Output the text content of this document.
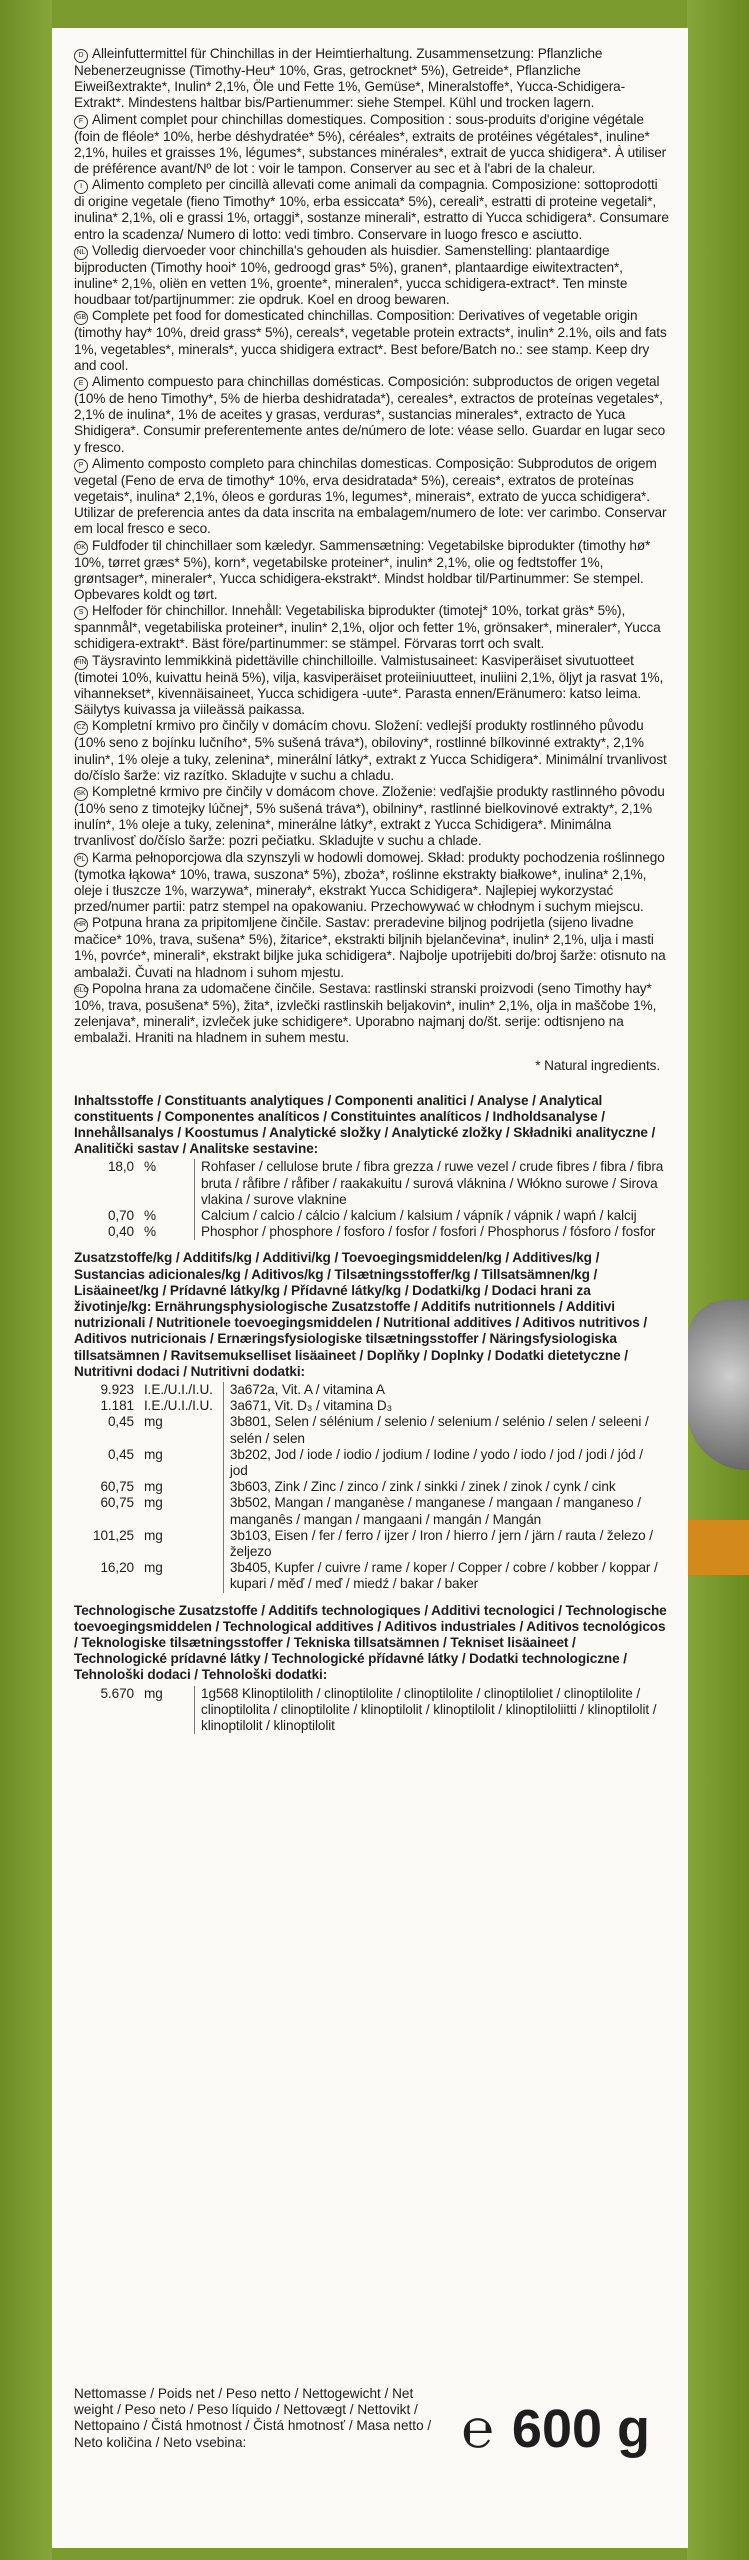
D Alleinfuttermittel für Chinchillas in der Heimtierhaltung. Zusammensetzung: Pflanzliche Nebenerzeugnisse (Timothy-Heu* 10%, Gras, getrocknet* 5%), Getreide*, Pflanzliche Eiweißextrakte*, Inulin* 2,1%, Öle und Fette 1%, Gemüse*, Mineralstoffe*, Yucca-Schidigera-Extrakt*. Mindestens haltbar bis/Partienummer: siehe Stempel. Kühl und trocken lagern.
F Aliment complet pour chinchillas domestiques. Composition : sous-produits d'origine végétale (foin de fléole* 10%, herbe déshydratée* 5%), céréales*, extraits de protéines végétales*, inuline* 2,1%, huiles et graisses 1%, légumes*, substances minérales*, extrait de yucca shidigera*. À utiliser de préférence avant/Nº de lot : voir le tampon. Conserver au sec et à l'abri de la chaleur.
I Alimento completo per cincillà allevati come animali da compagnia. Composizione: sottoprodotti di origine vegetale (fieno Timothy* 10%, erba essiccata* 5%), cereali*, estratti di proteine vegetali*, inulina* 2,1%, oli e grassi 1%, ortaggi*, sostanze minerali*, estratto di Yucca schidigera*. Consumare entro la scadenza/ Numero di lotto: vedi timbro. Conservare in luogo fresco e asciutto.
NL Volledig diervoeder voor chinchilla's gehouden als huisdier. Samenstelling: plantaardige bijproducten (Timothy hooi* 10%, gedroogd gras* 5%), granen*, plantaardige eiwitextracten*, inuline* 2,1%, oliën en vetten 1%, groente*, mineralen*, yucca schidigera-extract*. Ten minste houdbaar tot/partijnummer: zie opdruk. Koel en droog bewaren.
GB Complete pet food for domesticated chinchillas. Composition: Derivatives of vegetable origin (timothy hay* 10%, dreid grass* 5%), cereals*, vegetable protein extracts*, inulin* 2.1%, oils and fats 1%, vegetables*, minerals*, yucca shidigera extract*. Best before/Batch no.: see stamp. Keep dry and cool.
E Alimento compuesto para chinchillas domésticas. Composición: subproductos de origen vegetal (10% de heno Timothy*, 5% de hierba deshidratada*), cereales*, extractos de proteínas vegetales*, 2,1% de inulina*, 1% de aceites y grasas, verduras*, sustancias minerales*, extracto de Yuca Shidigera*. Consumir preferentemente antes de/número de lote: véase sello. Guardar en lugar seco y fresco.
P Alimento composto completo para chinchilas domesticas. Composição: Subprodutos de origem vegetal (Feno de erva de timothy* 10%, erva desidratada* 5%), cereais*, extratos de proteínas vegetais*, inulina* 2,1%, óleos e gorduras 1%, legumes*, minerais*, extrato de yucca schidigera*. Utilizar de preferencia antes da data inscrita na embalagem/numero de lote: ver carimbo. Conservar em local fresco e seco.
DK Fuldfoder til chinchillaer som kæledyr. Sammensætning: Vegetabilske biprodukter (timothy hø* 10%, tørret græs* 5%), korn*, vegetabilske proteiner*, inulin* 2,1%, olie og fedtstoffer 1%, grøntsager*, mineraler*, Yucca schidigera-ekstrakt*. Mindst holdbar til/Partinummer: Se stempel. Opbevares koldt og tørt.
S Helfoder för chinchillor. Innehåll: Vegetabiliska biprodukter (timotej* 10%, torkat gräs* 5%), spannmål*, vegetabiliska proteiner*, inulin* 2,1%, oljor och fetter 1%, grönsaker*, mineraler*, Yucca schidigera-extrakt*. Bäst före/partinummer: se stämpel. Förvaras torrt och svalt.
FIN Täysravinto lemmikkinä pidettäville chinchilloille. Valmistusaineet: Kasviperäiset sivutuotteet (timotei 10%, kuivattu heinä 5%), vilja, kasviperäiset proteiiniuutteet, inuliini 2,1%, öljyt ja rasvat 1%, vihannekset*, kivennäisaineet, Yucca schidigera -uute*. Parasta ennen/Eränumero: katso leima. Säilytys kuivassa ja viileässä paikassa.
CZ Kompletní krmivo pro činčily v domácím chovu. Složení: vedlejší produkty rostlinného původu (10% seno z bojínku lučního*, 5% sušená tráva*), obiloviny*, rostlinné bílkovinné extrakty*, 2,1% inulin*, 1% oleje a tuky, zelenina*, minerální látky*, extrakt z Yucca Schidigera*. Minimální trvanlivost do/číslo šarže: viz razítko. Skladujte v suchu a chladu.
SK Kompletné krmivo pre činčily v domácom chove. Zloženie: vedľajšie produkty rastlinného pôvodu (10% seno z timotejky lúčnej*, 5% sušená tráva*), obilniny*, rastlinné bielkovinové extrakty*, 2,1% inulín*, 1% oleje a tuky, zelenina*, minerálne látky*, extrakt z Yucca Schidigera*. Minimálna trvanlivosť do/číslo šarže: pozri pečiatku. Skladujte v suchu a chlade.
PL Karma pełnoporcjowa dla szynszyli w hodowli domowej. Skład: produkty pochodzenia roślinnego (tymotka łąkowa* 10%, trawa, suszona* 5%), zboża*, roślinne ekstrakty białkowe*, inulina* 2,1%, oleje i tłuszcze 1%, warzywa*, minerały*, ekstrakt Yucca Schidigera*. Najlepiej wykorzystać przed/numer partii: patrz stempel na opakowaniu. Przechowywać w chłodnym i suchym miejscu.
HR Potpuna hrana za pripitomljene činčile. Sastav: preradevine biljnog podrijetla (sijeno livadne mačice* 10%, trava, sušena* 5%), žitarice*, ekstrakti biljnih bjelančevina*, inulin* 2,1%, ulja i masti 1%, povrće*, minerali*, ekstrakt biljke juka schidigera*. Najbolje upotrijebiti do/broj šarže: otisnuto na ambalaži. Čuvati na hladnom i suhom mjestu.
SLO Popolna hrana za udomačene činčile. Sestava: rastlinski stranski proizvodi (seno Timothy hay* 10%, trava, posušena* 5%), žita*, izvlečki rastlinskih beljakovin*, inulin* 2,1%, olja in maščobe 1%, zelenjava*, minerali*, izvleček juke schidigere*. Uporabno najmanj do/št. serije: odtisnjeno na embalaži. Hraniti na hladnem in suhem mestu.
* Natural ingredients.
Inhaltsstoffe / Constituants analytiques / Componenti analitici / Analyse / Analytical constituents / Componentes analíticos / Constituintes analíticos / Indholdsanalyse / Innehållsanalys / Koostumus / Analytické složky / Analytické zložky / Składniki analityczne / Analitički sastav / Analitske sestavine:
18,0	%	Rohfaser / cellulose brute / fibra grezza / ruwe vezel / crude fibres / fibra / fibra bruta / råfibre / råfiber / raakakuitu / surová vláknina / Włókno surowe / Sirova vlakina / surove vlaknine
0,70	%	Calcium / calcio / cálcio / kalcium / kalsium / vápník / vápnik / wapń / kalcij
0,40	%	Phosphor / phosphore / fosforo / fosfor / fosfori / Phosphorus / fósforo / fosfor
Zusatzstoffe/kg / Additifs/kg / Additivi/kg / Toevoegingsmiddelen/kg / Additives/kg / Sustancias adicionales/kg / Aditivos/kg / Tilsætningsstoffer/kg / Tillsatsämnen/kg / Lisäaineet/kg / Prídavné látky/kg / Přídavné látky/kg / Dodatki/kg / Dodaci hrani za životinje/kg: Ernährungsphysiologische Zusatzstoffe / Additifs nutritionnels / Additivi nutrizionali / Nutritionele toevoegingsmiddelen / Nutritional additives / Aditivos nutritivos / Aditivos nutricionais / Ernæringsfysiologiske tilsætningsstoffer / Näringsfysiologiska tillsatsämnen / Ravitsemukselliset lisäaineet / Doplňky / Doplnky / Dodatki dietetyczne / Nutritivni dodaci / Nutritivni dodatki:
9.923	I.E./U.I./I.U.	3a672a, Vit. A / vitamina A
1.181	I.E./U.I./I.U.	3a671, Vit. D₃ / vitamina D₃
0,45	mg	3b801, Selen / sélénium / selenio / selenium / selénio / selen / seleeni / selén / selen
0,45	mg	3b202, Jod / iode / iodio / jodium / Iodine / yodo / iodo / jod / jodi / jód / jod
60,75	mg	3b603, Zink / Zinc / zinco / zink / sinkki / zinek / zinok / cynk / cink
60,75	mg	3b502, Mangan / manganèse / manganese / mangaan / manganeso / manganês / mangan / mangaani / mangán / Mangán
101,25	mg	3b103, Eisen / fer / ferro / ijzer / Iron / hierro / jern / järn / rauta / železo / željezo
16,20	mg	3b405, Kupfer / cuivre / rame / koper / Copper / cobre / kobber / koppar / kupari / měď / meď / miedź / bakar / baker
Technologische Zusatzstoffe / Additifs technologiques / Additivi tecnologici / Technologische toevoegingsmiddelen / Technological additives / Aditivos industriales / Aditivos tecnológicos / Teknologiske tilsætningsstoffer / Tekniska tillsatsämnen / Tekniset lisäaineet / Technologické prídavné látky / Technologické přídavné látky / Dodatki technologiczne / Tehnološki dodaci / Tehnološki dodatki:
5.670	mg	1g568 Klinoptilolith / clinoptilolite / clinoptilolite / clinoptiloliet / clinoptilolite / clinoptilolita / clinoptilolite / klinoptilolit / klinoptilolit / klinoptiloliitti / klinoptilolit / klinoptilolit / klinoptilolit
Nettomasse / Poids net / Peso netto / Nettogewicht / Net weight / Peso neto / Peso líquido / Nettovægt / Nettovikt / Nettopaino / Čistá hmotnost / Čistá hmotnosť / Masa netto / Neto količina / Neto vsebina:	℮ 600 g
